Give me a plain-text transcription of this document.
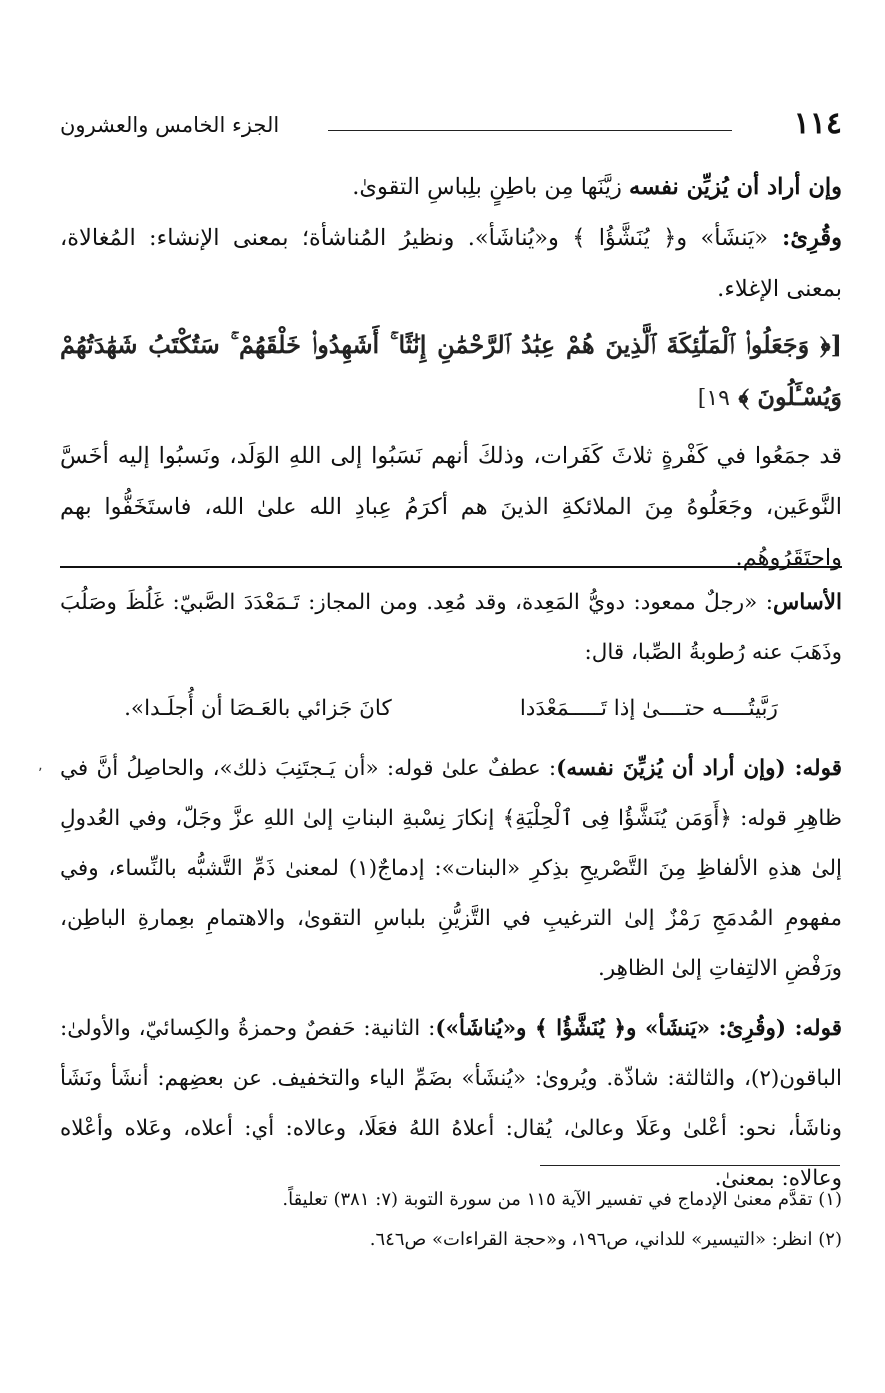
١١٤
الجزء الخامس والعشرون

وإن أراد أن يُزيِّن نفسه زيَّنَها مِن باطِنٍ بلِباسِ التقوىٰ.

وقُرِئ: «يَنشَأ» و﴿ يُنَشَّؤُا ﴾ و«يُناشَأ». ونظيرُ المُناشأة؛ بمعنى الإنشاء: المُغالاة، بمعنى الإغلاء.

[﴿ وَجَعَلُوا۟ ٱلْمَلَٰٓئِكَةَ ٱلَّذِينَ هُمْ عِبَٰدُ ٱلرَّحْمَٰنِ إِنَٰثًا ۚ أَشَهِدُوا۟ خَلْقَهُمْ ۚ سَتُكْتَبُ شَهَٰدَتُهُمْ وَيُسْـَٔلُونَ ﴾ ١٩]

قد جمَعُوا في كَفْرةٍ ثلاثَ كَفَرات، وذلكَ أنهم نَسَبُوا إلى اللهِ الوَلَد، ونَسبُوا إليه أخَسَّ النَّوعَين، وجَعَلُوهُ مِنَ الملائكةِ الذينَ هم أكرَمُ عِبادِ الله علىٰ الله، فاستَخَفُّوا بهم واحتَقَرُوهُم.

الأساس: «رجلٌ ممعود: دويُّ المَعِدة، وقد مُعِد. ومن المجاز: تَـمَعْدَدَ الصَّبيّ: غَلُظَ وصَلُبَ وذَهَبَ عنه رُطوبةُ الصِّبا، قال:

رَبَّيتُــــه حتــــىٰ إذا تَـــــمَعْدَدا
كانَ جَزائي بالعَـصَا أن أُجلَـدا».

قوله: (وإن أراد أن يُزيِّنَ نفسه): عطفٌ علىٰ قوله: «أن يَـجتَنِبَ ذلك»، والحاصِلُ أنَّ في ظاهِرِ قوله: ﴿أَوَمَن يُنَشَّؤُا فِى ٱلْحِلْيَةِ﴾ إنكارَ نِسْبةِ البناتِ إلىٰ اللهِ عزَّ وجَلّ، وفي العُدولِ إلىٰ هذهِ الألفاظِ مِنَ التَّصْريحِ بذِكرِ «البنات»: إدماجٌ(١) لمعنىٰ ذَمِّ التَّشبُّه بالنِّساء، وفي مفهومِ المُدمَجِ رَمْزٌ إلىٰ الترغيبِ في التَّزيُّنِ بلباسِ التقوىٰ، والاهتمامِ بعِمارةِ الباطِن، ورَفْضِ الالتِفاتِ إلىٰ الظاهِر.

قوله: (وقُرِئ: «يَنشَأ» و﴿ يُنَشَّؤُا ﴾ و«يُناشَأ»): الثانية: حَفصٌ وحمزةُ والكِسائيّ، والأولىٰ: الباقون(٢)، والثالثة: شاذّة. ويُروىٰ: «يُنشَأ» بضَمِّ الياء والتخفيف. عن بعضِهم: أنشَأ ونَشَأ وناشَأ، نحو: أعْلىٰ وعَلَا وعالىٰ، يُقال: أعلاهُ اللهُ فعَلَا، وعالاه: أي: أعلاه، وعَلاه وأعْلاه وعالاه: بمعنىٰ.

٬

(١) تقدَّم معنىٰ الإدماج في تفسير الآية ١١٥ من سورة التوبة (٧: ٣٨١) تعليقاً.

(٢) انظر: «التيسير» للداني، ص١٩٦، و«حجة القراءات» ص٦٤٦.
